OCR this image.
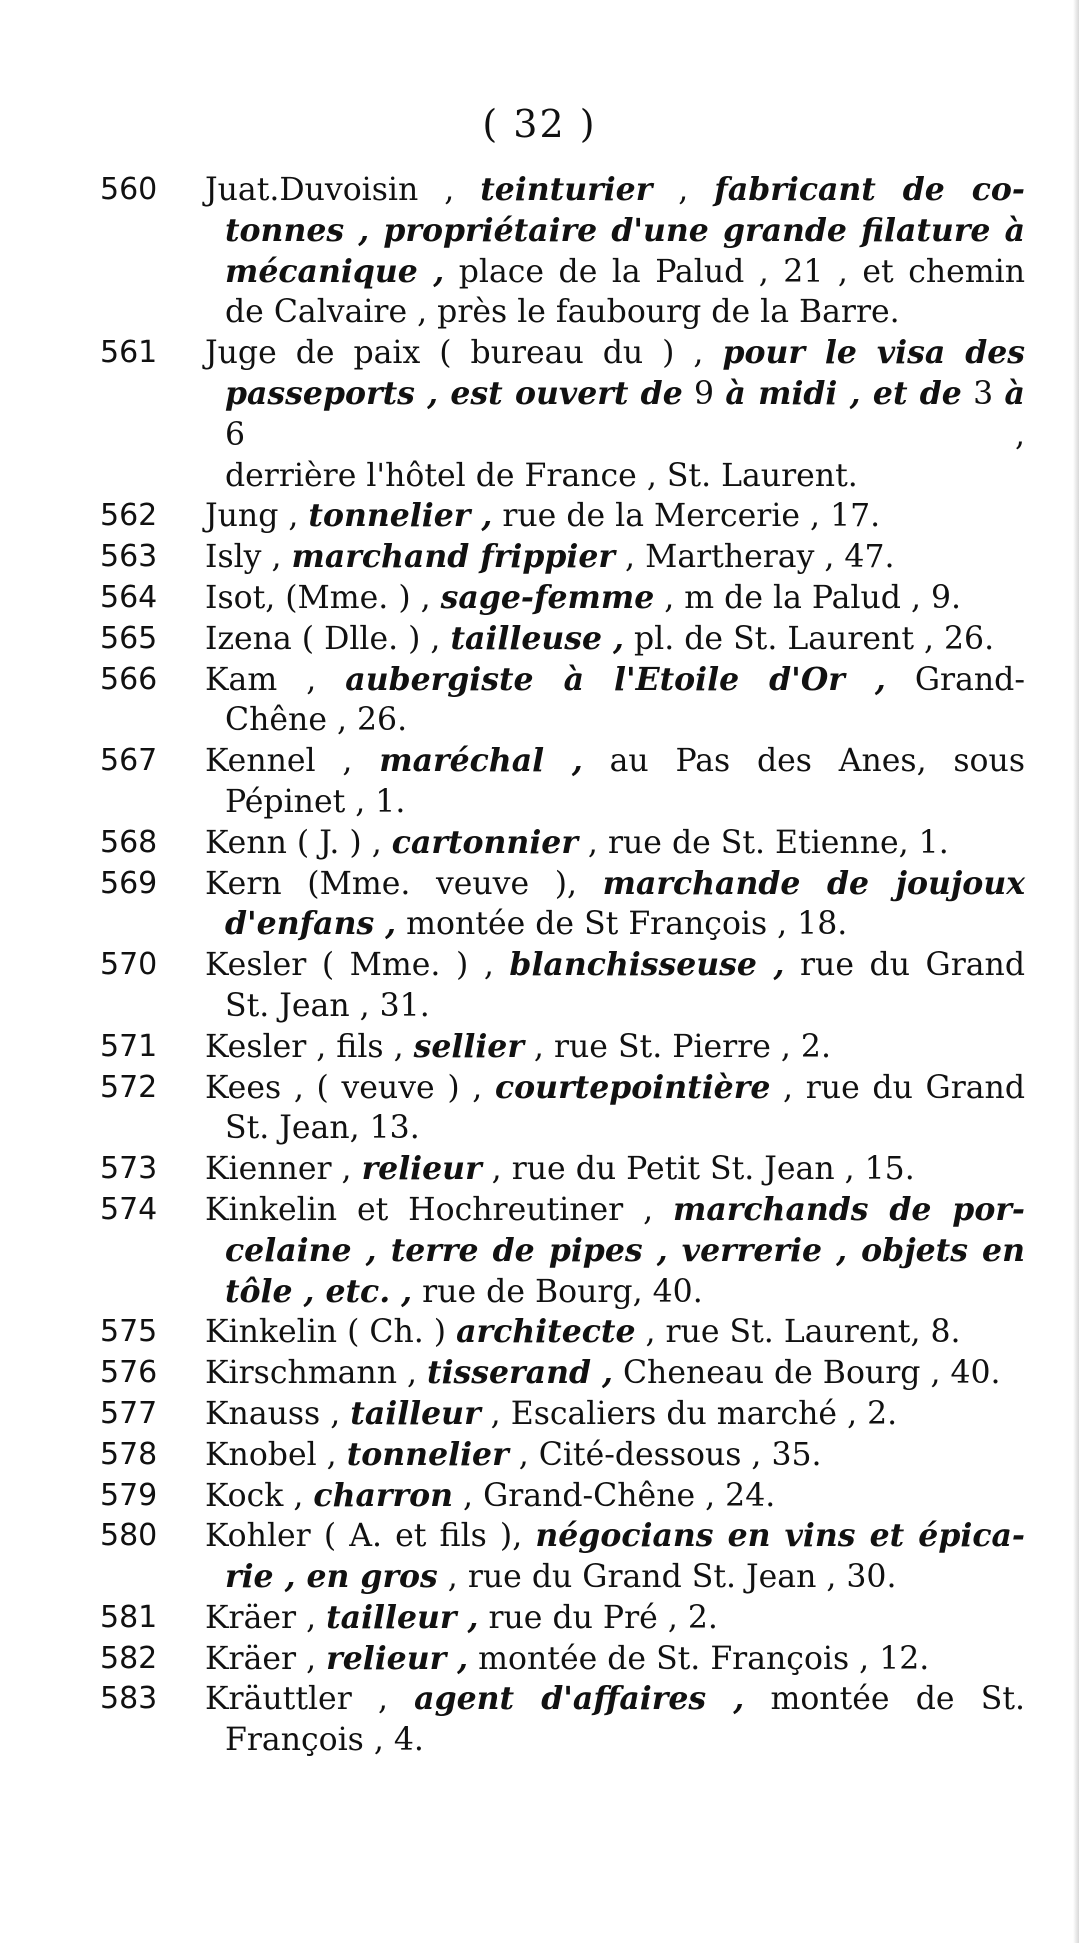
( 32 )
560 Juat.Duvoisin , teinturier , fabricant de co-
tonnes , propriétaire d'une grande filature à
mécanique , place de la Palud , 21 , et chemin
de Calvaire , près le faubourg de la Barre.
561 Juge de paix ( bureau du ) , pour le visa des
passeports , est ouvert de 9 à midi , et de 3 à 6 ,
derrière l'hôtel de France , St. Laurent.
562 Jung , tonnelier , rue de la Mercerie , 17.
563 Isly , marchand frippier , Martheray , 47.
564 Isot, (Mme. ) , sage-femme , m de la Palud , 9.
565 Izena ( Dlle. ) , tailleuse , pl. de St. Laurent , 26.
566 Kam , aubergiste à l'Etoile d'Or , Grand-
Chêne , 26.
567 Kennel , maréchal , au Pas des Anes, sous
Pépinet , 1.
568 Kenn ( J. ) , cartonnier , rue de St. Etienne, 1.
569 Kern (Mme. veuve ), marchande de joujoux
d'enfans , montée de St François , 18.
570 Kesler ( Mme. ) , blanchisseuse , rue du Grand
St. Jean , 31.
571 Kesler , fils , sellier , rue St. Pierre , 2.
572 Kees , ( veuve ) , courtepointière , rue du Grand
St. Jean, 13.
573 Kienner , relieur , rue du Petit St. Jean , 15.
574 Kinkelin et Hochreutiner , marchands de por-
celaine , terre de pipes , verrerie , objets en
tôle , etc. , rue de Bourg, 40.
575 Kinkelin ( Ch. ) architecte , rue St. Laurent, 8.
576 Kirschmann , tisserand , Cheneau de Bourg , 40.
577 Knauss , tailleur , Escaliers du marché , 2.
578 Knobel , tonnelier , Cité-dessous , 35.
579 Kock , charron , Grand-Chêne , 24.
580 Kohler ( A. et fils ), négocians en vins et épica-
rie , en gros , rue du Grand St. Jean , 30.
581 Kräer , tailleur , rue du Pré , 2.
582 Kräer , relieur , montée de St. François , 12.
583 Kräuttler , agent d'affaires , montée de St.
François , 4.
